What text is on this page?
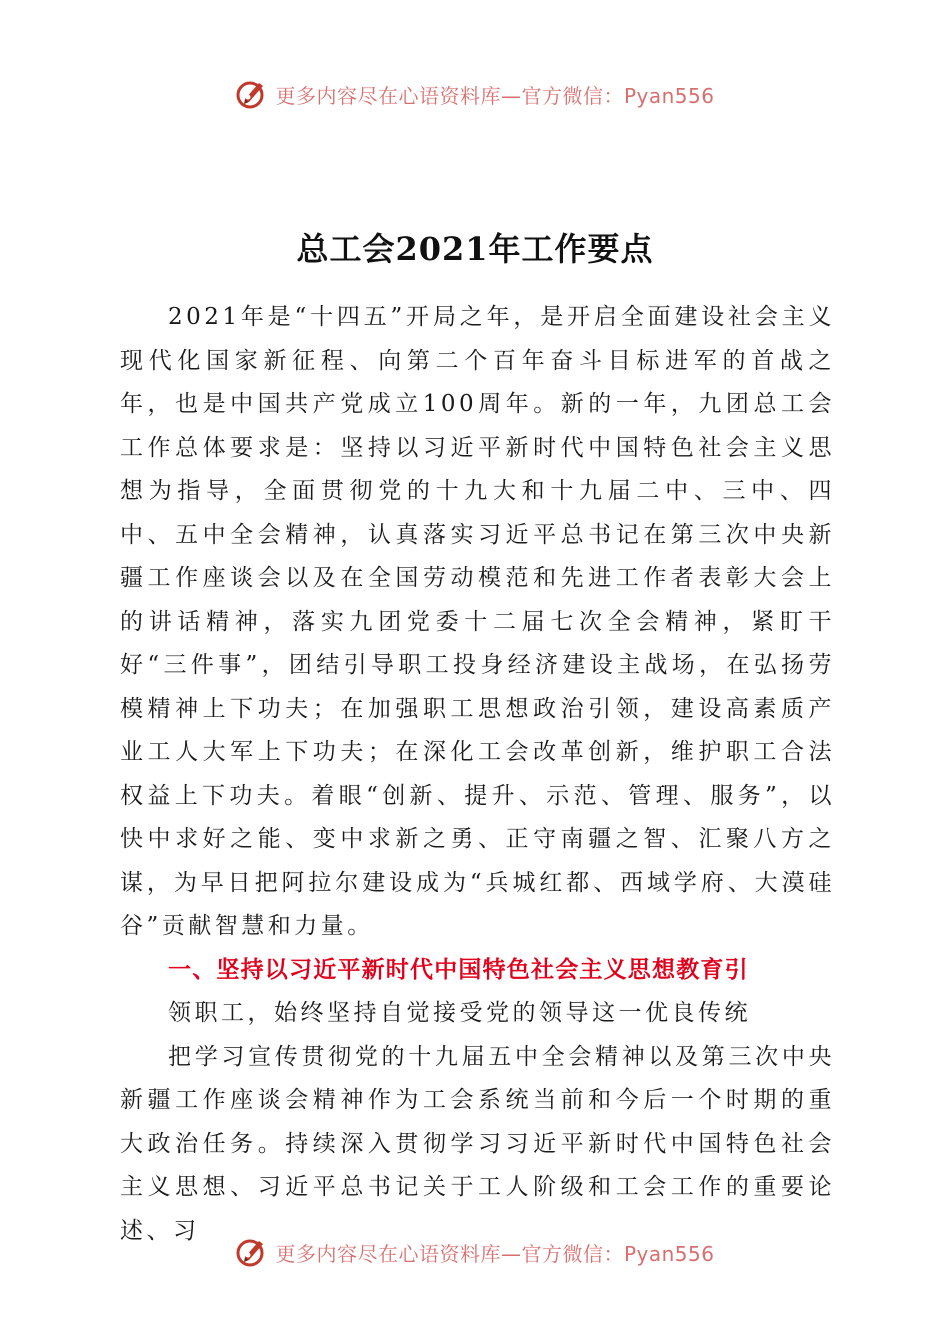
更多内容尽在心语资料库—官方微信：Pyan556
总工会2021年工作要点

2021年是“十四五”开局之年，是开启全面建设社会主义现代化国家新征程、向第二个百年奋斗目标进军的首战之年，也是中国共产党成立100周年。新的一年，九团总工会工作总体要求是：坚持以习近平新时代中国特色社会主义思想为指导，全面贯彻党的十九大和十九届二中、三中、四中、五中全会精神，认真落实习近平总书记在第三次中央新疆工作座谈会以及在全国劳动模范和先进工作者表彰大会上的讲话精神，落实九团党委十二届七次全会精神，紧盯干好“三件事”，团结引导职工投身经济建设主战场，在弘扬劳模精神上下功夫；在加强职工思想政治引领，建设高素质产业工人大军上下功夫；在深化工会改革创新，维护职工合法权益上下功夫。着眼“创新、提升、示范、管理、服务”，以快中求好之能、变中求新之勇、正守南疆之智、汇聚八方之谋，为早日把阿拉尔建设成为“兵城红都、西域学府、大漠硅谷”贡献智慧和力量。

一、坚持以习近平新时代中国特色社会主义思想教育引

领职工，始终坚持自觉接受党的领导这一优良传统

把学习宣传贯彻党的十九届五中全会精神以及第三次中央新疆工作座谈会精神作为工会系统当前和今后一个时期的重大政治任务。持续深入贯彻学习习近平新时代中国特色社会主义思想、习近平总书记关于工人阶级和工会工作的重要论述、习

更多内容尽在心语资料库—官方微信：Pyan556
